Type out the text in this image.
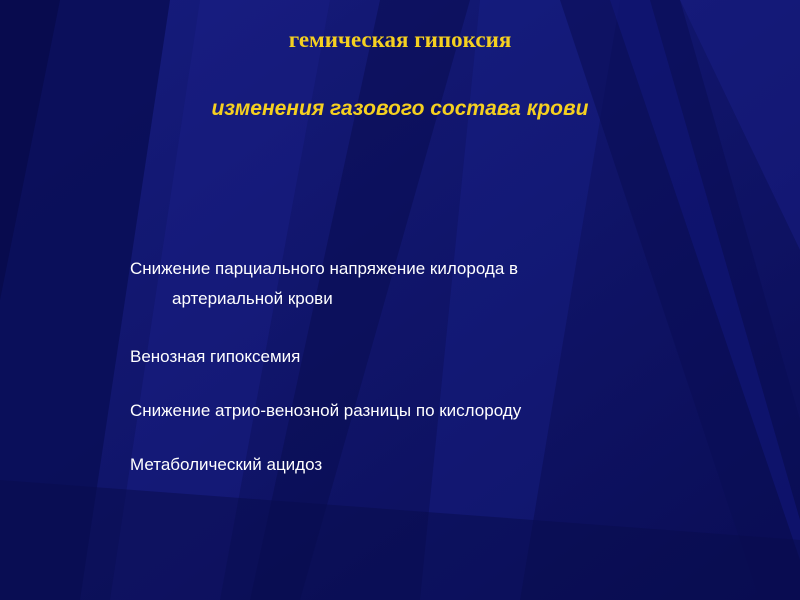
гемическая гипоксия
изменения газового состава крови

Снижение парциального напряжение килорода в
артериальной крови

Венозная гипоксемия

Снижение атрио-венозной разницы по кислороду

Метаболический ацидоз
